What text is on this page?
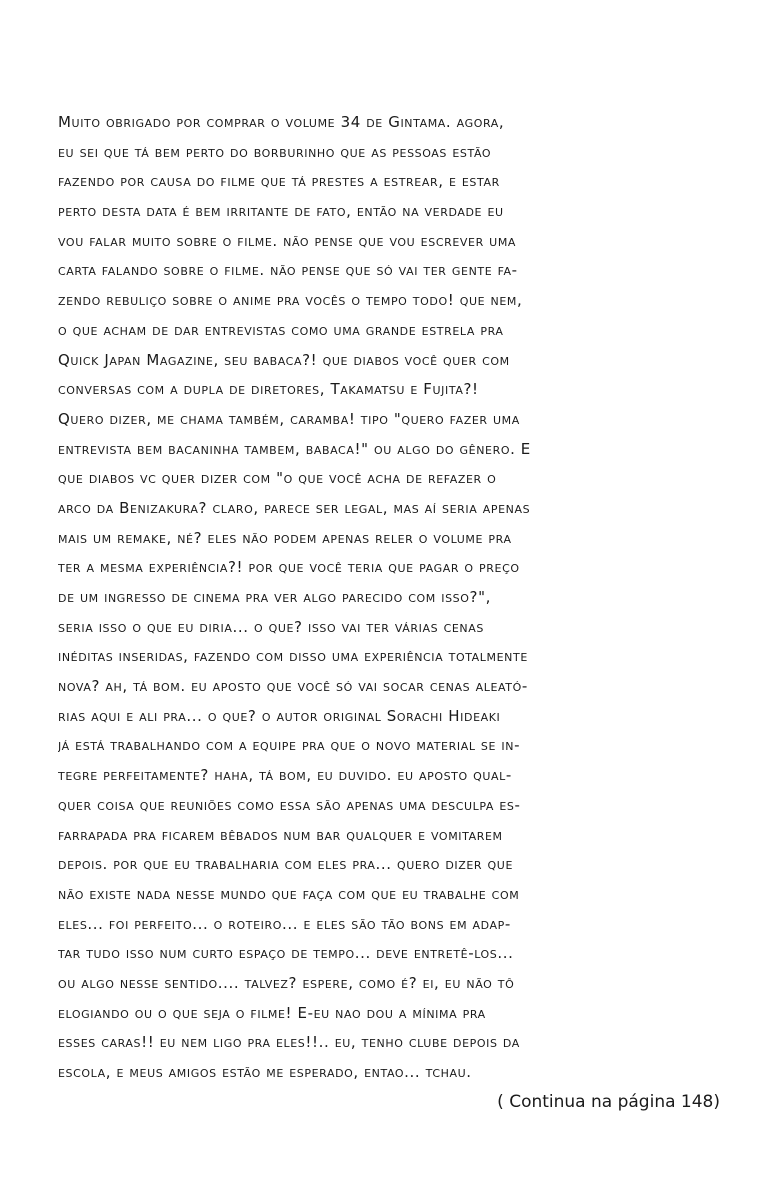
Muito obrigado por comprar o volume 34 de Gintama. agora,
eu sei que tá bem perto do borburinho que as pessoas estão
fazendo por causa do filme que tá prestes a estrear, e estar
perto desta data é bem irritante de fato, então na verdade eu
vou falar muito sobre o filme. não pense que vou escrever uma
carta falando sobre o filme. não pense que só vai ter gente fa-
zendo rebuliço sobre o anime pra vocês o tempo todo! que nem,
o que acham de dar entrevistas como uma grande estrela pra
Quick Japan Magazine, seu babaca?! que diabos você quer com
conversas com a dupla de diretores, Takamatsu e Fujita?!
Quero dizer, me chama também, caramba! tipo "quero fazer uma
entrevista bem bacaninha tambem, babaca!" ou algo do gênero. E
que diabos vc quer dizer com "o que você acha de refazer o
arco da Benizakura? claro, parece ser legal, mas aí seria apenas
mais um remake, né? eles não podem apenas reler o volume pra
ter a mesma experiência?! por que você teria que pagar o preço
de um ingresso de cinema pra ver algo parecido com isso?",
seria isso o que eu diria... o que? isso vai ter várias cenas
inéditas inseridas, fazendo com disso uma experiência totalmente
nova? ah, tá bom. eu aposto que você só vai socar cenas aleató-
rias aqui e ali pra... o que? o autor original Sorachi Hideaki
já está trabalhando com a equipe pra que o novo material se in-
tegre perfeitamente? haha, tá bom, eu duvido. eu aposto qual-
quer coisa que reuniões como essa são apenas uma desculpa es-
farrapada pra ficarem bêbados num bar qualquer e vomitarem
depois. por que eu trabalharia com eles pra... quero dizer que
não existe nada nesse mundo que faça com que eu trabalhe com
eles... foi perfeito... o roteiro... e eles são tão bons em adap-
tar tudo isso num curto espaço de tempo... deve entretê-los...
ou algo nesse sentido.... talvez? espere, como é? ei, eu não tô
elogiando ou o que seja o filme! E-eu nao dou a mínima pra
esses caras!! eu nem ligo pra eles!!.. eu, tenho clube depois da
escola, e meus amigos estão me esperado, entao... tchau.
( Continua na página 148)
